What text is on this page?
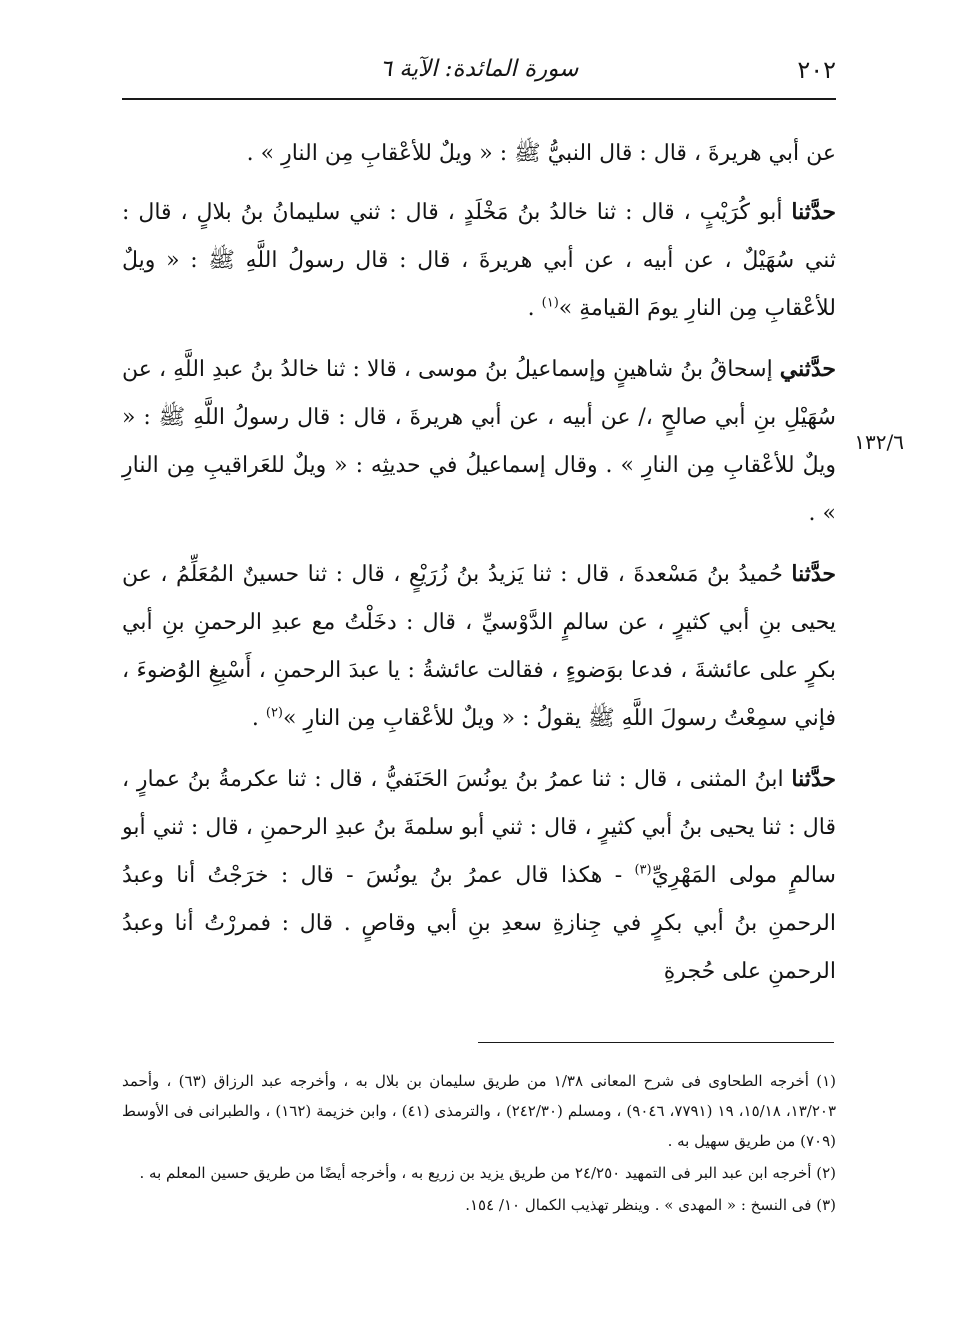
٢٠٢
سورة المائدة: الآية ٦
١٣٢/٦

عن أبي هريرةَ ، قال : قال النبيُّ ﷺ : « ويلٌ للأعْقابِ مِن النارِ » .

حدَّثنا أبو كُرَيْبٍ ، قال : ثنا خالدُ بنُ مَخْلَدٍ ، قال : ثني سليمانُ بنُ بلالٍ ، قال : ثني سُهَيْلٌ ، عن أبيه ، عن أبي هريرةَ ، قال : قال رسولُ اللَّهِ ﷺ : « ويلٌ للأعْقابِ مِن النارِ يومَ القيامةِ »$^{(١)}$ .

حدَّثني إسحاقُ بنُ شاهينٍ وإسماعيلُ بنُ موسى ، قالا : ثنا خالدُ بنُ عبدِ اللَّهِ ، عن سُهَيْلِ بنِ أبي صالحٍ ،/ عن أبيه ، عن أبي هريرةَ ، قال : قال رسولُ اللَّهِ ﷺ : « ويلٌ للأعْقابِ مِن النارِ » . وقال إسماعيلُ في حديثِه : « ويلٌ للعَراقيبِ مِن النارِ » .

حدَّثنا حُميدُ بنُ مَسْعدةَ ، قال : ثنا يَزيدُ بنُ زُرَيْعٍ ، قال : ثنا حسينٌ المُعَلِّمُ ، عن يحيى بنِ أبي كثيرٍ ، عن سالمٍ الدَّوْسيِّ ، قال : دخَلْتُ مع عبدِ الرحمنِ بنِ أبي بكرٍ على عائشةَ ، فدعا بوَضوءٍ ، فقالت عائشةُ : يا عبدَ الرحمنِ ، أَسْبِغِ الوُضوءَ ، فإني سمِعْتُ رسولَ اللَّهِ ﷺ يقولُ : « ويلٌ للأعْقابِ مِن النارِ »$^{(٢)}$ .

حدَّثنا ابنُ المثنى ، قال : ثنا عمرُ بنُ يونُسَ الحَنَفيُّ ، قال : ثنا عكرمةُ بنُ عمارٍ ، قال : ثنا يحيى بنُ أبي كثيرٍ ، قال : ثني أبو سلمةَ بنُ عبدِ الرحمنِ ، قال : ثني أبو سالمٍ مولى المَهْرِيِّ$^{(٣)}$ - هكذا قال عمرُ بنُ يونُسَ - قال : خرَجْتُ أنا وعبدُ الرحمنِ بنُ أبي بكرٍ في جِنازةِ سعدِ بنِ أبي وقاصٍ . قال : فمررْتُ أنا وعبدُ الرحمنِ على حُجرةِ

(١) أخرجه الطحاوى فى شرح المعانى ١/٣٨ من طريق سليمان بن بلال به ، وأخرجه عبد الرزاق (٦٣) ، وأحمد ١٣/٢٠٣، ١٥/١٨، ١٩ (٧٧٩١، ٩٠٤٦) ، ومسلم (٢٤٢/٣٠) ، والترمذى (٤١) ، وابن خزيمة (١٦٢) ، والطبرانى فى الأوسط (٧٠٩) من طريق سهيل به .

(٢) أخرجه ابن عبد البر فى التمهيد ٢٤/٢٥٠ من طريق يزيد بن زريع به ، وأخرجه أيضًا من طريق حسين المعلم به .

(٣) فى النسخ : « المهدى » . وينظر تهذيب الكمال ١٠/ ١٥٤.
